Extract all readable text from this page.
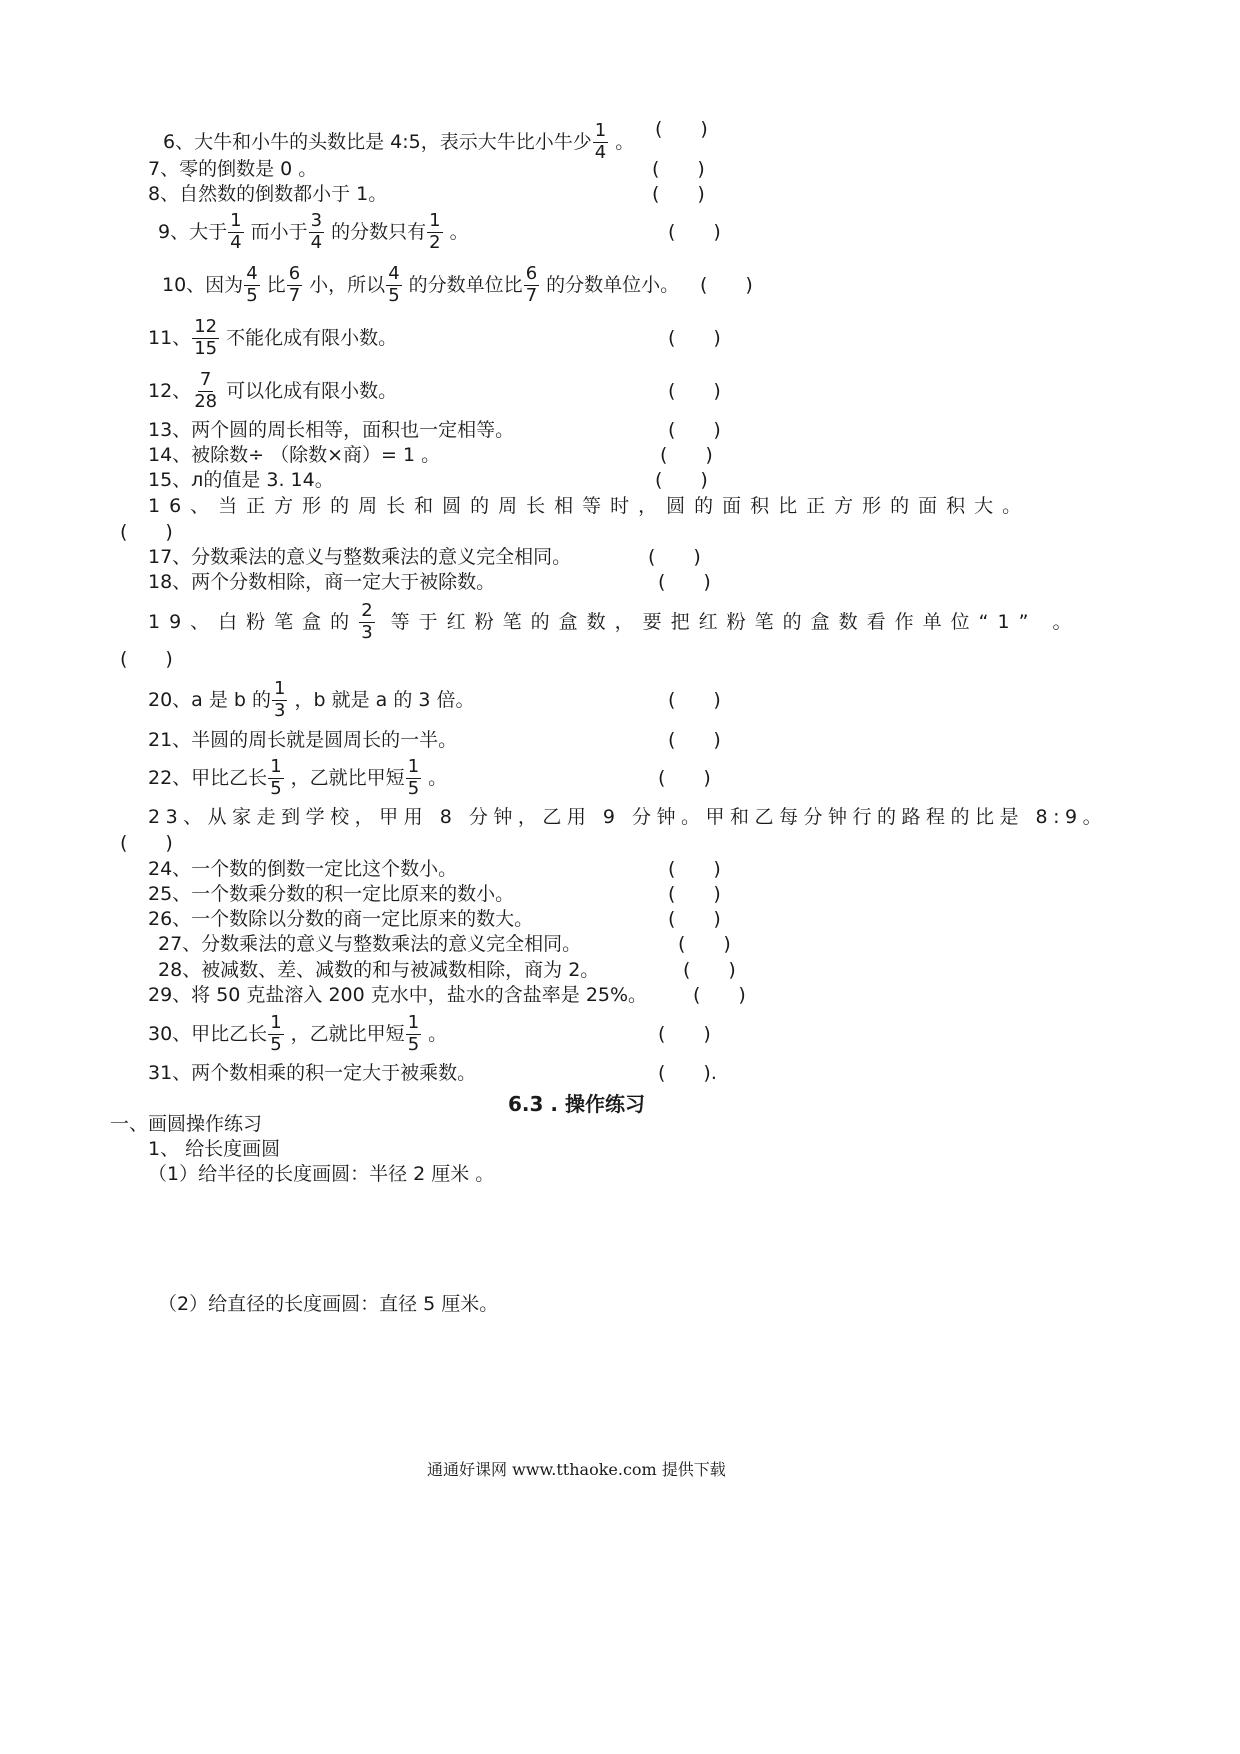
6、大牛和小牛的头数比是 4:5，表示大牛比小牛少 $\frac{1}{4}$ 。
(　　)
7、零的倒数是 0 。	(　　)
8、自然数的倒数都小于 1。	(　　)
9、大于 $\frac{1}{4}$ 而小于 $\frac{3}{4}$ 的分数只有 $\frac{1}{2}$ 。	(　　)
10、因为 $\frac{4}{5}$ 比 $\frac{6}{7}$ 小，所以 $\frac{4}{5}$ 的分数单位比 $\frac{6}{7}$ 的分数单位小。 (　　)
11、 $\frac{12}{15}$ 不能化成有限小数。	(　　)
12、 $\frac{7}{28}$ 可以化成有限小数。	(　　)
13、两个圆的周长相等，面积也一定相等。	(　　)
14、被除数÷ （除数×商）= 1 。	(　　)
15、л的值是 3. 14。	(　　)
16、当正方形的周长和圆的周长相等时，圆的面积比正方形的面积大。
(　　)
17、分数乘法的意义与整数乘法的意义完全相同。	(　　)
18、两个分数相除，商一定大于被除数。	(　　)
19、白粉笔盒的 $\frac{2}{3}$ 等于红粉笔的盒数，要把红粉笔的盒数看作单位“1” 。
(　　)
20、a 是 b 的 $\frac{1}{3}$ ，b 就是 a 的 3 倍。	(　　)
21、半圆的周长就是圆周长的一半。	(　　)
22、甲比乙长 $\frac{1}{5}$ ，乙就比甲短 $\frac{1}{5}$ 。	(　　)
23、从家走到学校，甲用 8 分钟，乙用 9 分钟。甲和乙每分钟行的路程的比是 8:9。
(　　)
24、一个数的倒数一定比这个数小。	(　　)
25、一个数乘分数的积一定比原来的数小。	(　　)
26、一个数除以分数的商一定比原来的数大。	(　　)
27、分数乘法的意义与整数乘法的意义完全相同。	(　　)
28、被减数、差、减数的和与被减数相除，商为 2。	(　　)
29、将 50 克盐溶入 200 克水中，盐水的含盐率是 25%。 (　　)
30、甲比乙长 $\frac{1}{5}$ ，乙就比甲短 $\frac{1}{5}$ 。	(　　)
31、两个数相乘的积一定大于被乘数。	(　　).
6.3 . 操作练习
一、画圆操作练习
1、 给长度画圆
（1）给半径的长度画圆：半径 2 厘米 。
（2）给直径的长度画圆：直径 5 厘米。
通通好课网 www.tthaoke.com 提供下载
